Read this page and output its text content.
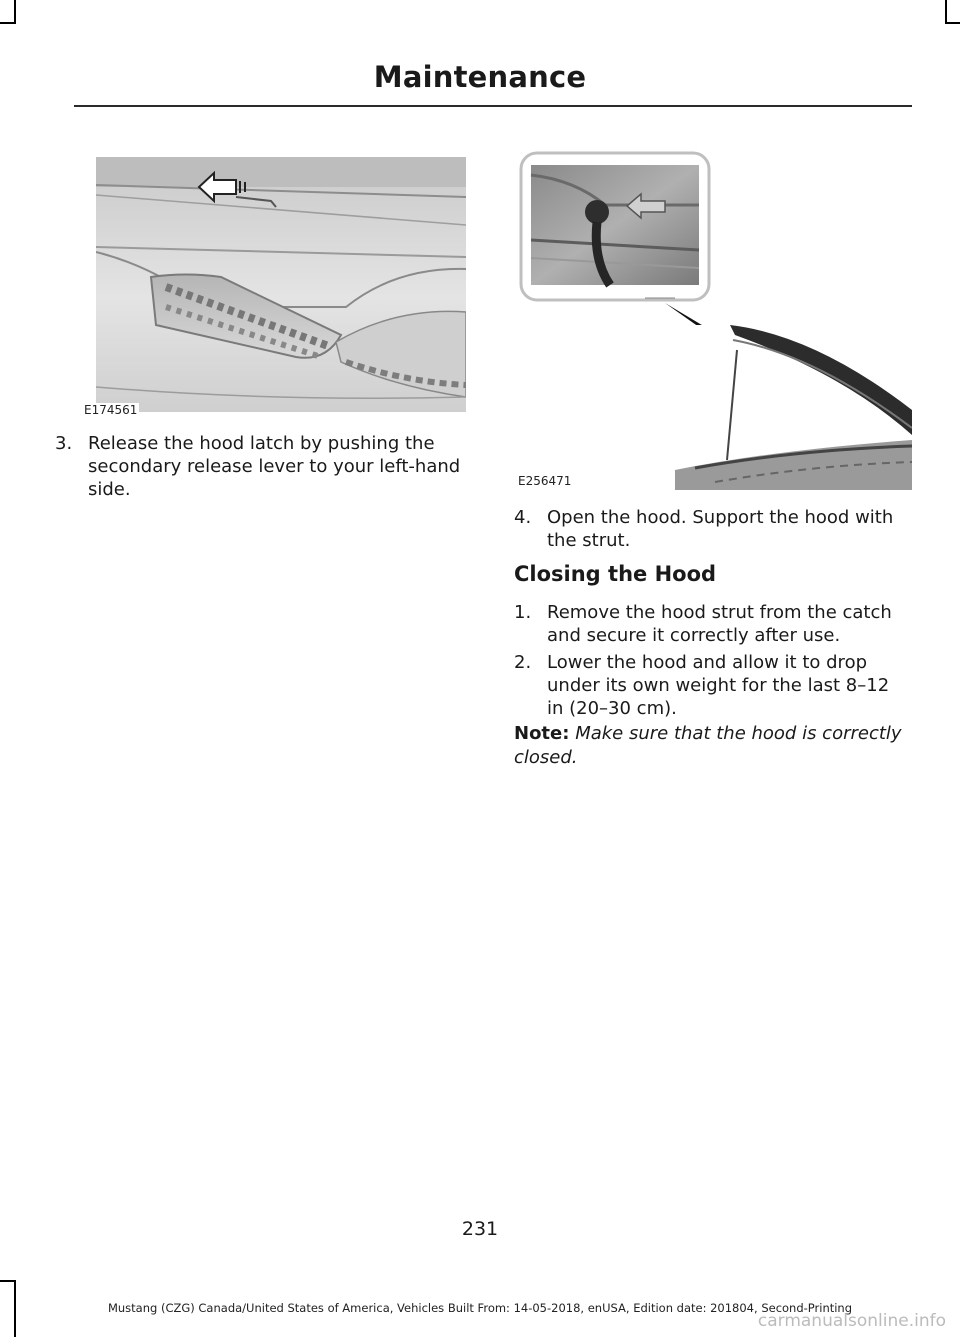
Maintenance
E174561
E256471
3. Release the hood latch by pushing the secondary release lever to your left-hand side.
4. Open the hood. Support the hood with the strut.
Closing the Hood
1. Remove the hood strut from the catch and secure it correctly after use.
2. Lower the hood and allow it to drop under its own weight for the last 8–12 in (20–30 cm).
Note: Make sure that the hood is correctly closed.
231
Mustang (CZG) Canada/United States of America, Vehicles Built From: 14-05-2018, enUSA, Edition date: 201804, Second-Printing
carmanualsonline.info
